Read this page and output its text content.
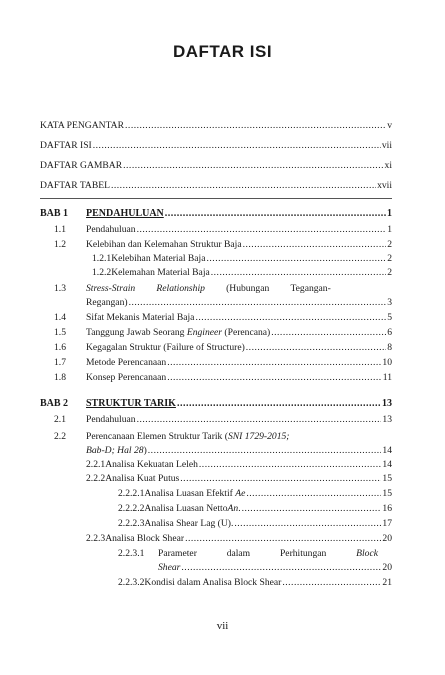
DAFTAR ISI
KATA PENGANTAR .....	v
DAFTAR ISI .....	vii
DAFTAR GAMBAR .....	xi
DAFTAR TABEL .....	xvii
BAB 1 PENDAHULUAN .....	1
1.1 Pendahuluan .....	1
1.2 Kelebihan dan Kelemahan Struktur Baja .....	2
1.2.1 Kelebihan Material Baja .....	2
1.2.2 Kelemahan Material Baja .....	2
1.3 Stress-Strain Relationship (Hubungan Tegangan-
Regangan) .....	3
1.4 Sifat Mekanis Material Baja .....	5
1.5 Tanggung Jawab Seorang Engineer (Perencana) .....	6
1.6 Kegagalan Struktur (Failure of Structure) .....	8
1.7 Metode Perencanaan .....	10
1.8 Konsep Perencanaan .....	11
BAB 2 STRUKTUR TARIK .....	13
2.1 Pendahuluan .....	13
2.2 Perencanaan Elemen Struktur Tarik ( SNI 1729-2015;
Bab-D; Hal 28) .....	14
2.2.1 Analisa Kekuatan Leleh .....	14
2.2.2 Analisa Kuat Putus .....	15
2.2.2.1 Analisa Luasan Efektif Ae .....	15
2.2.2.2 Analisa Luasan NettoAn. .....	16
2.2.2.3 Analisa Shear Lag (U). .....	17
2.2.3 Analisa Block Shear .....	20
2.2.3.1	Parameter	dalam	Perhitungan	Block
Shear .....	20
2.2.3.2 Kondisi dalam Analisa Block Shear .....	21
vii
